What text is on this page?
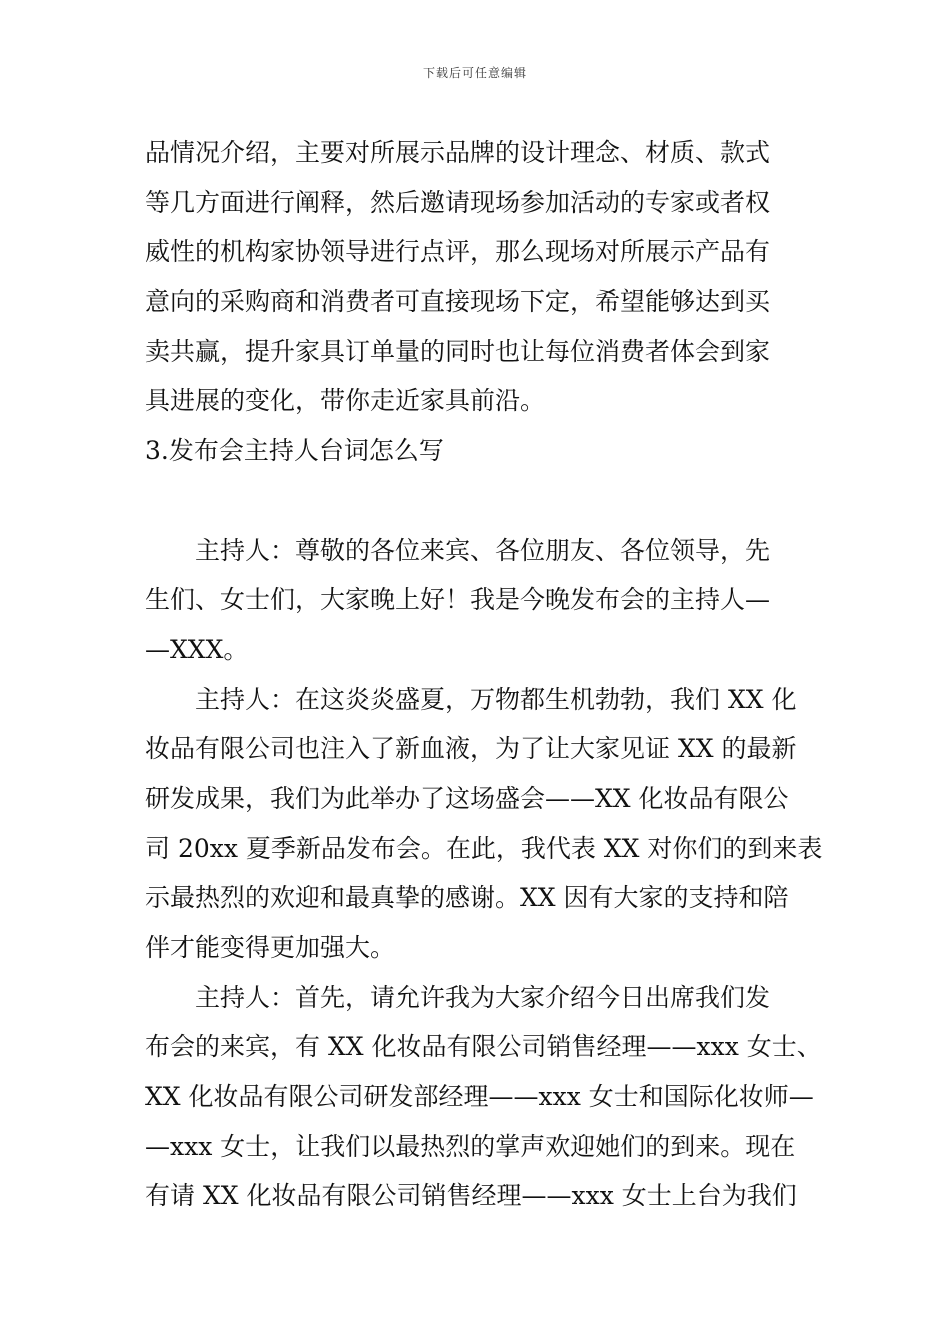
下载后可任意编辑
品情况介绍，主要对所展示品牌的设计理念、材质、款式
等几方面进行阐释，然后邀请现场参加活动的专家或者权
威性的机构家协领导进行点评，那么现场对所展示产品有
意向的采购商和消费者可直接现场下定，希望能够达到买
卖共赢，提升家具订单量的同时也让每位消费者体会到家
具进展的变化，带你走近家具前沿。
3.发布会主持人台词怎么写
主持人：尊敬的各位来宾、各位朋友、各位领导，先
生们、女士们，大家晚上好！我是今晚发布会的主持人—
—XXX。
主持人：在这炎炎盛夏，万物都生机勃勃，我们 XX 化
妆品有限公司也注入了新血液，为了让大家见证 XX 的最新
研发成果，我们为此举办了这场盛会——XX 化妆品有限公
司 20xx 夏季新品发布会。在此，我代表 XX 对你们的到来表
示最热烈的欢迎和最真挚的感谢。XX 因有大家的支持和陪
伴才能变得更加强大。
主持人：首先，请允许我为大家介绍今日出席我们发
布会的来宾，有 XX 化妆品有限公司销售经理——xxx 女士、
XX 化妆品有限公司研发部经理——xxx 女士和国际化妆师—
—xxx 女士，让我们以最热烈的掌声欢迎她们的到来。现在
有请 XX 化妆品有限公司销售经理——xxx 女士上台为我们
